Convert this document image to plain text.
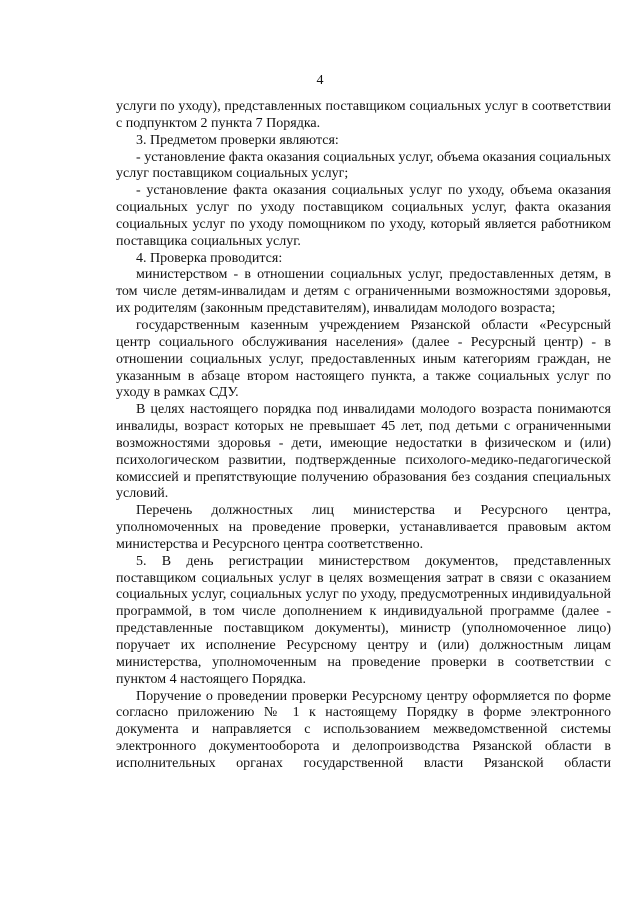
4

услуги по уходу), представленных поставщиком социальных услуг в соответствии с подпунктом 2 пункта 7 Порядка.

3. Предметом проверки являются:

- установление факта оказания социальных услуг, объема оказания социальных услуг поставщиком социальных услуг;

- установление факта оказания социальных услуг по уходу, объема оказания социальных услуг по уходу поставщиком социальных услуг, факта оказания социальных услуг по уходу помощником по уходу, который является работником поставщика социальных услуг.

4. Проверка проводится:

министерством - в отношении социальных услуг, предоставленных детям, в том числе детям-инвалидам и детям с ограниченными возможностями здоровья, их родителям (законным представителям), инвалидам молодого возраста;

государственным казенным учреждением Рязанской области «Ресурсный центр социального обслуживания населения» (далее - Ресурсный центр) - в отношении социальных услуг, предоставленных иным категориям граждан, не указанным в абзаце втором настоящего пункта, а также социальных услуг по уходу в рамках СДУ.

В целях настоящего порядка под инвалидами молодого возраста понимаются инвалиды, возраст которых не превышает 45 лет, под детьми с ограниченными возможностями здоровья - дети, имеющие недостатки в физическом и (или) психологическом развитии, подтвержденные психолого-медико-педагогической комиссией и препятствующие получению образования без создания специальных условий.

Перечень должностных лиц министерства и Ресурсного центра, уполномоченных на проведение проверки, устанавливается правовым актом министерства и Ресурсного центра соответственно.

5. В день регистрации министерством документов, представленных поставщиком социальных услуг в целях возмещения затрат в связи с оказанием социальных услуг, социальных услуг по уходу, предусмотренных индивидуальной программой, в том числе дополнением к индивидуальной программе (далее - представленные поставщиком документы), министр (уполномоченное лицо) поручает их исполнение Ресурсному центру и (или) должностным лицам министерства, уполномоченным на проведение проверки в соответствии с пунктом 4 настоящего Порядка.

Поручение о проведении проверки Ресурсному центру оформляется по форме согласно приложению № 1 к настоящему Порядку в форме электронного документа и направляется с использованием межведомственной системы электронного документооборота и делопроизводства Рязанской области в исполнительных органах государственной власти Рязанской области
